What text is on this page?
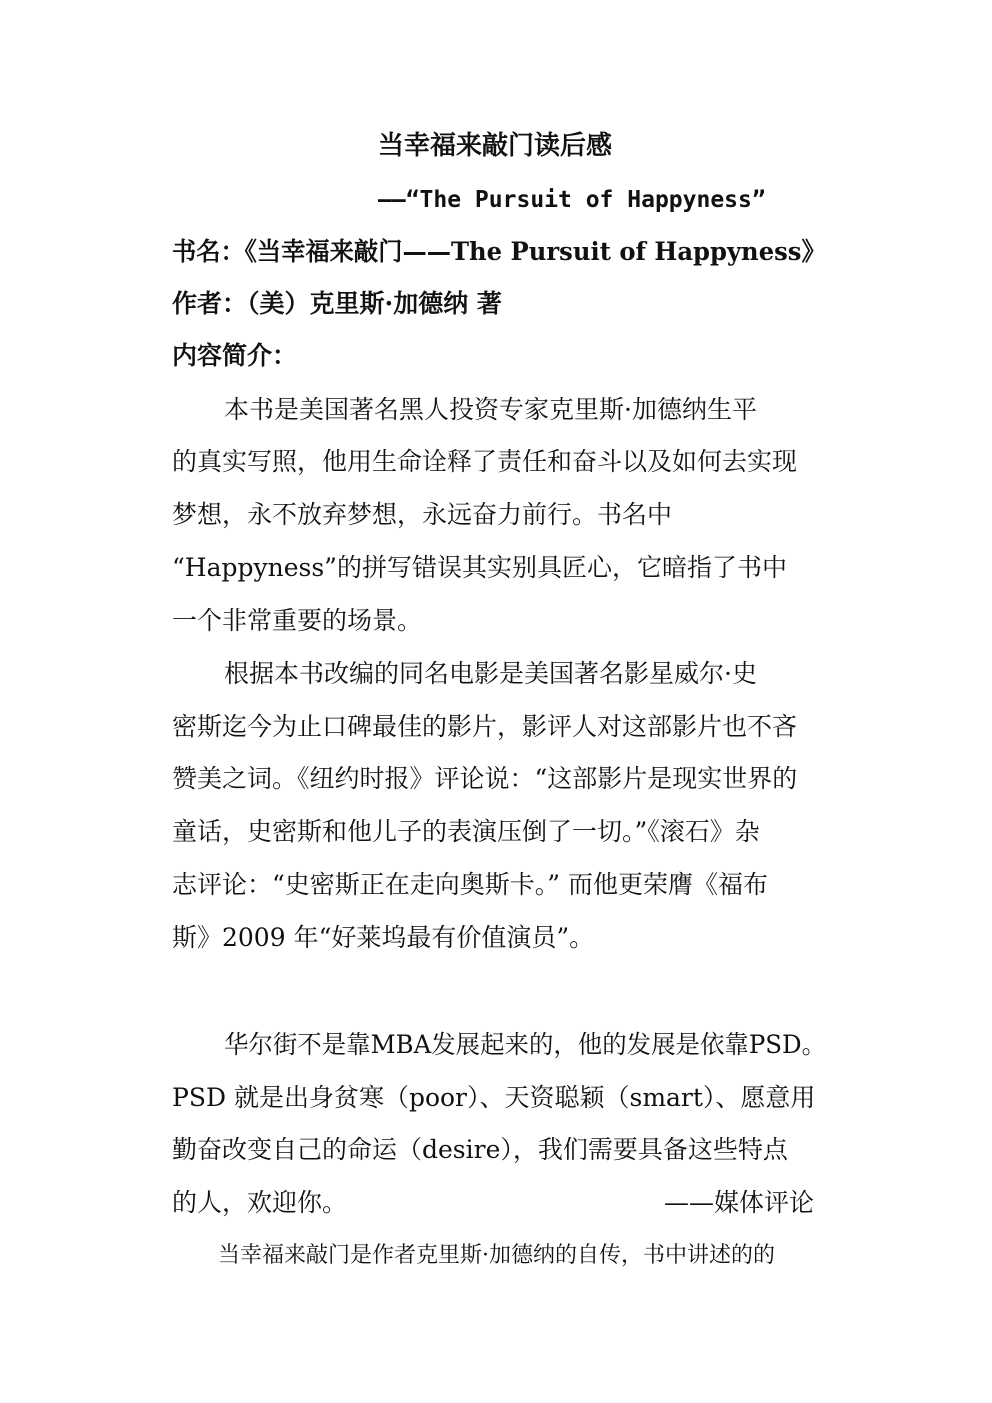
当幸福来敲门读后感
——“The Pursuit of Happyness”
书名：《当幸福来敲门——The Pursuit of Happyness》
作者：（美）克里斯·加德纳 著
内容简介：
本书是美国著名黑人投资专家克里斯·加德纳生平
的真实写照，他用生命诠释了责任和奋斗以及如何去实现
梦想，永不放弃梦想，永远奋力前行。书名中
“Happyness”的拼写错误其实别具匠心，它暗指了书中
一个非常重要的场景。
根据本书改编的同名电影是美国著名影星威尔·史
密斯迄今为止口碑最佳的影片，影评人对这部影片也不吝
赞美之词。《纽约时报》评论说：“这部影片是现实世界的
童话，史密斯和他儿子的表演压倒了一切。”《滚石》杂
志评论：“史密斯正在走向奥斯卡。” 而他更荣膺《福布
斯》2009 年“好莱坞最有价值演员”。
华尔街不是靠MBA发展起来的，他的发展是依靠PSD。
PSD 就是出身贫寒（poor）、天资聪颖（smart）、愿意用
勤奋改变自己的命运（desire），我们需要具备这些特点
的人，欢迎你。	——媒体评论
当幸福来敲门是作者克里斯·加德纳的自传，书中讲述的的
